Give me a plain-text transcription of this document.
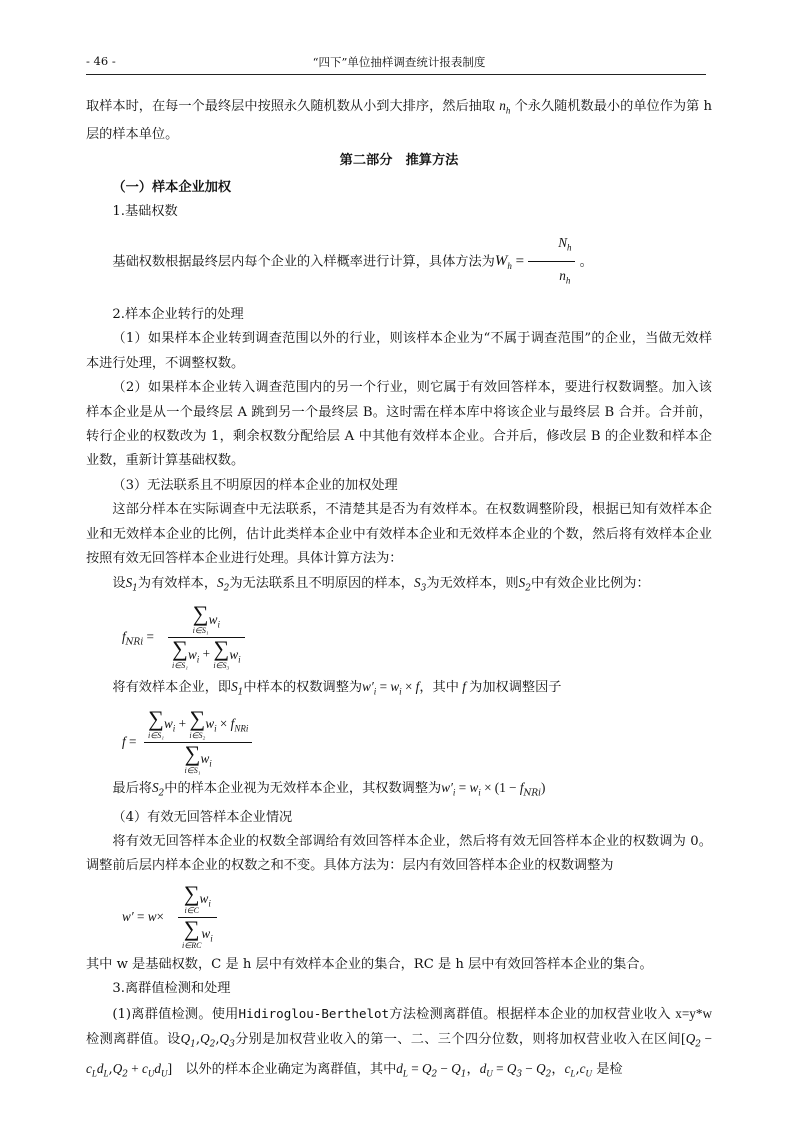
- 46 -	“四下”单位抽样调查统计报表制度

取样本时，在每一个最终层中按照永久随机数从小到大排序，然后抽取 $n_h$ 个永久随机数最小的单位作为第 h 层的样本单位。

第二部分　推算方法

（一）样本企业加权

1.基础权数

基础权数根据最终层内每个企业的入样概率进行计算，具体方法为$W_h = \frac{N_h}{n_h}$ 。

2.样本企业转行的处理

（1）如果样本企业转到调查范围以外的行业，则该样本企业为“不属于调查范围”的企业，当做无效样本进行处理，不调整权数。

（2）如果样本企业转入调查范围内的另一个行业，则它属于有效回答样本，要进行权数调整。加入该样本企业是从一个最终层 A 跳到另一个最终层 B。这时需在样本库中将该企业与最终层 B 合并。合并前，转行企业的权数改为 1，剩余权数分配给层 A 中其他有效样本企业。合并后，修改层 B 的企业数和样本企业数，重新计算基础权数。

（3）无法联系且不明原因的样本企业的加权处理

这部分样本在实际调查中无法联系，不清楚其是否为有效样本。在权数调整阶段，根据已知有效样本企业和无效样本企业的比例，估计此类样本企业中有效样本企业和无效样本企业的个数，然后将有效样本企业按照有效无回答样本企业进行处理。具体计算方法为：

设$S_1$为有效样本，$S_2$为无法联系且不明原因的样本，$S_3$为无效样本，则$S_2$中有效企业比例为：

$f_{NRi}$ = ∑
i∈S₁
$w_i$
∑
i∈S₁
$w_i$ + ∑
i∈S₃
$w_i$

将有效样本企业，即$S_1$中样本的权数调整为$w'_i = w_i \times f$，其中 f 为加权调整因子

f =
∑
i∈S₁
$w_i$ + ∑
i∈S₂
$w_i \times f_{NRi}$
∑
i∈S₁
$w_i$

最后将$S_2$中的样本企业视为无效样本企业，其权数调整为$w'_i = w_i \times (1 - f_{NRi})$

（4）有效无回答样本企业情况

将有效无回答样本企业的权数全部调给有效回答样本企业，然后将有效无回答样本企业的权数调为 0。调整前后层内样本企业的权数之和不变。具体方法为：层内有效回答样本企业的权数调整为

w′ = w×
∑
i∈C
$w_i$
∑
i∈RC
$w_i$

其中 w 是基础权数，C 是 h 层中有效样本企业的集合，RC 是 h 层中有效回答样本企业的集合。

3.离群值检测和处理

(1)离群值检测。使用Hidiroglou-Berthelot方法检测离群值。根据样本企业的加权营业收入 x=y*w 检测离群值。设$Q_1,Q_2,Q_3$分别是加权营业收入的第一、二、三个四分位数，则将加权营业收入在区间$[Q_2 - c_Ld_L,Q_2 + c_Ud_U]$　 以外的样本企业确定为离群值，其中$d_L = Q_2 - Q_1$，$d_U = Q_3 - Q_2$，$c_L,c_U$ 是检
